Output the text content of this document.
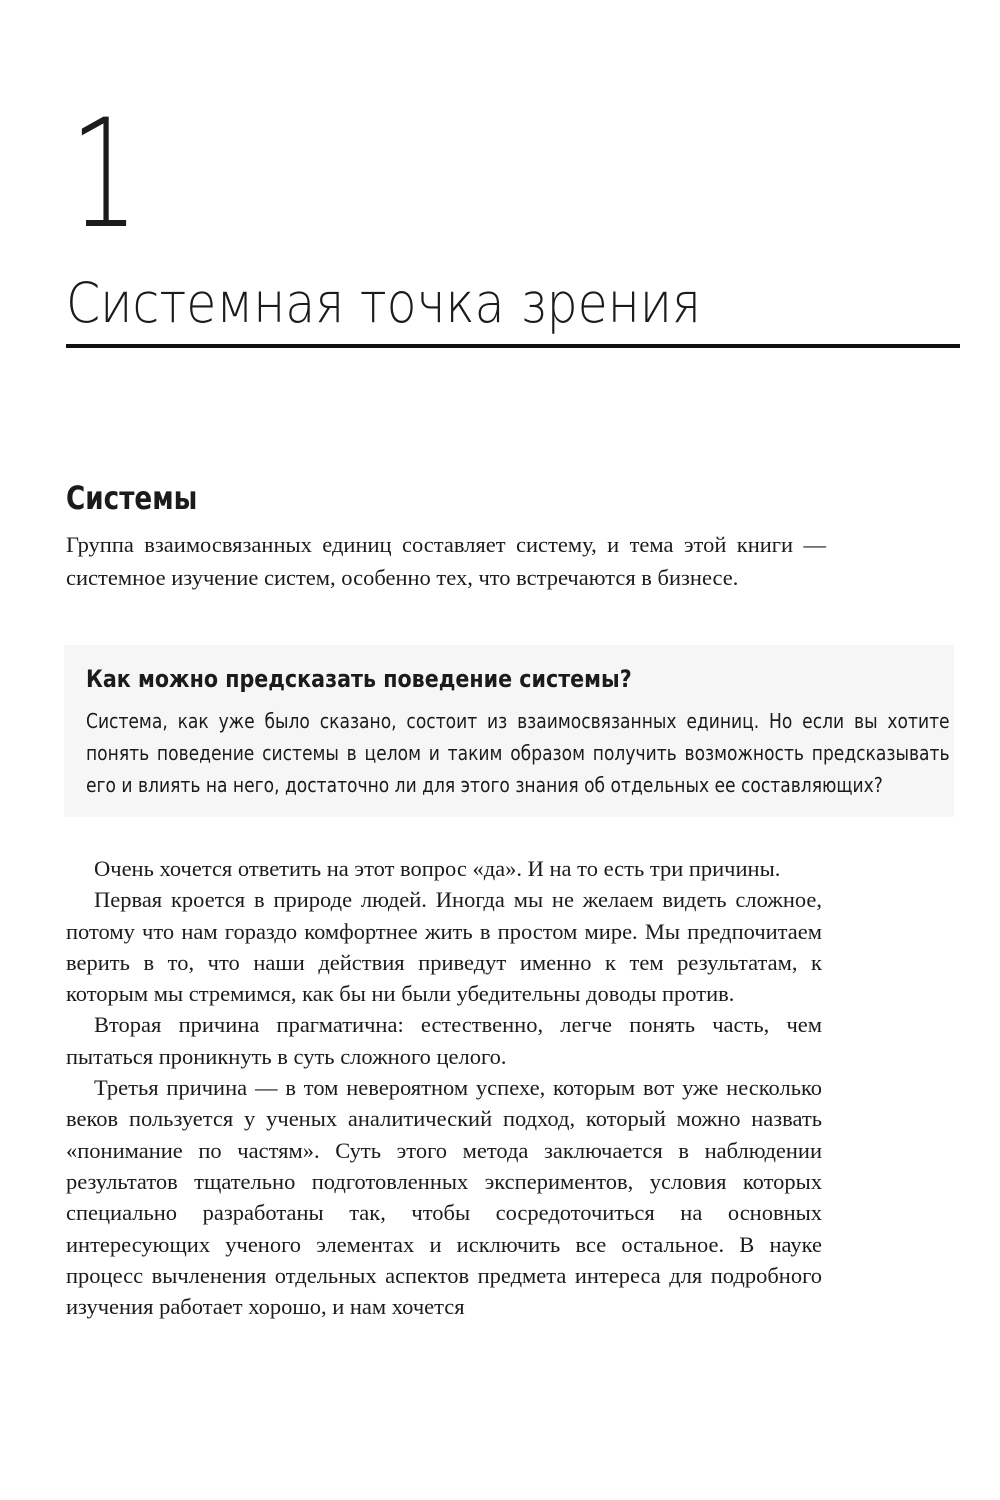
1
Системная точка зрения
Системы

Группа взаимосвязанных единиц составляет систему, и тема этой книги — системное изучение систем, особенно тех, что встречаются в бизнесе.

Как можно предсказать поведение системы?

Система, как уже было сказано, состоит из взаимосвязанных единиц. Но если вы хотите понять поведение системы в целом и таким образом получить возможность предсказывать его и влиять на него, достаточно ли для этого знания об отдельных ее составляющих?

Очень хочется ответить на этот вопрос «да». И на то есть три причины.

Первая кроется в природе людей. Иногда мы не желаем видеть сложное, потому что нам гораздо комфортнее жить в простом мире. Мы предпочитаем верить в то, что наши действия приведут именно к тем результатам, к которым мы стремимся, как бы ни были убедительны доводы против.

Вторая причина прагматична: естественно, легче понять часть, чем пытаться проникнуть в суть сложного целого.

Третья причина — в том невероятном успехе, которым вот уже несколько веков пользуется у ученых аналитический подход, который можно назвать «понимание по частям». Суть этого метода заключается в наблюдении результатов тщательно подготовленных экспериментов, условия которых специально разработаны так, чтобы сосредоточиться на основных интересующих ученого элементах и исключить все остальное. В науке процесс вычленения отдельных аспектов предмета интереса для подробного изучения работает хорошо, и нам хочется
